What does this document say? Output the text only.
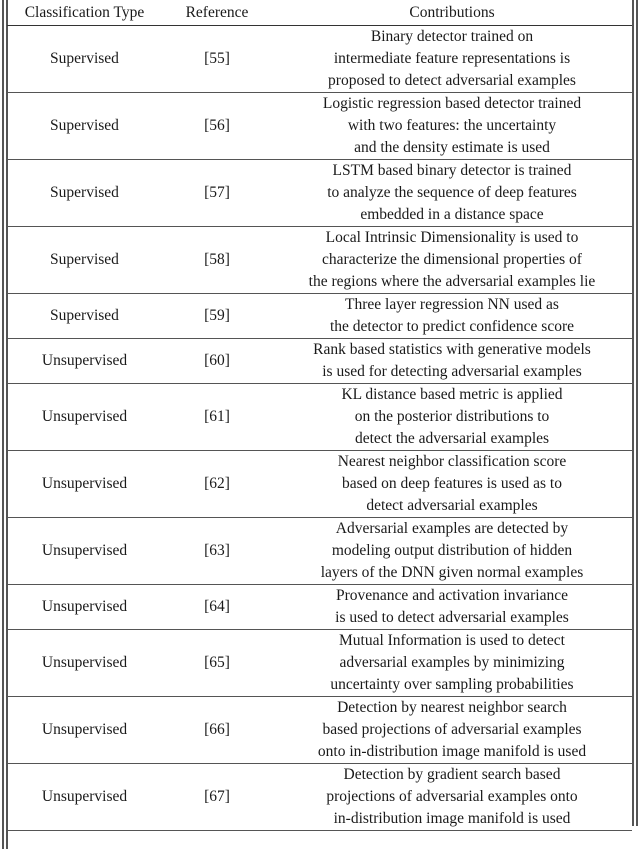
Classification Type	Reference	Contributions
Supervised	[55]	Binary detector trained on
intermediate feature representations is
proposed to detect adversarial examples

Supervised	[56]	Logistic regression based detector trained
with two features: the uncertainty
and the density estimate is used

Supervised	[57]	LSTM based binary detector is trained
to analyze the sequence of deep features
embedded in a distance space

Supervised	[58]	Local Intrinsic Dimensionality is used to
characterize the dimensional properties of
the regions where the adversarial examples lie

Supervised	[59]	Three layer regression NN used as
the detector to predict confidence score

Unsupervised	[60]	Rank based statistics with generative models
is used for detecting adversarial examples

Unsupervised	[61]	KL distance based metric is applied
on the posterior distributions to
detect the adversarial examples

Unsupervised	[62]	Nearest neighbor classification score
based on deep features is used as to
detect adversarial examples

Unsupervised	[63]	Adversarial examples are detected by
modeling output distribution of hidden
layers of the DNN given normal examples

Unsupervised	[64]	Provenance and activation invariance
is used to detect adversarial examples

Unsupervised	[65]	Mutual Information is used to detect
adversarial examples by minimizing
uncertainty over sampling probabilities

Unsupervised	[66]	Detection by nearest neighbor search
based projections of adversarial examples
onto in-distribution image manifold is used

Unsupervised	[67]	Detection by gradient search based
projections of adversarial examples onto
in-distribution image manifold is used
